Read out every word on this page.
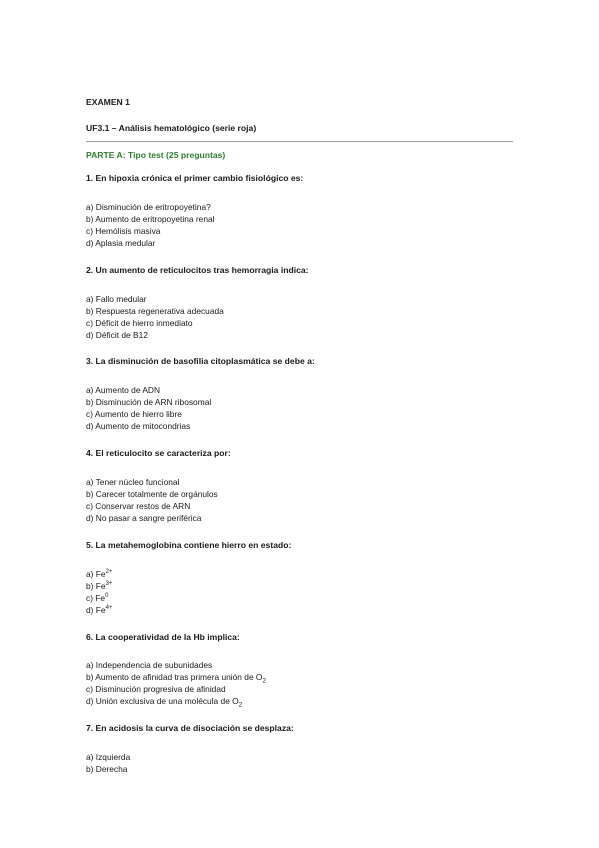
EXAMEN 1
UF3.1 – Análisis hematológico (serie roja)
PARTE A: Tipo test (25 preguntas)
1. En hipoxia crónica el primer cambio fisiológico es:
a) Disminución de eritropoyetina?
b) Aumento de eritropoyetina renal
c) Hemólisis masiva
d) Aplasia medular
2. Un aumento de reticulocitos tras hemorragia indica:
a) Fallo medular
b) Respuesta regenerativa adecuada
c) Déficit de hierro inmediato
d) Déficit de B12
3. La disminución de basofilia citoplasmática se debe a:
a) Aumento de ADN
b) Disminución de ARN ribosomal
c) Aumento de hierro libre
d) Aumento de mitocondrias
4. El reticulocito se caracteriza por:
a) Tener núcleo funcional
b) Carecer totalmente de orgánulos
c) Conservar restos de ARN
d) No pasar a sangre periférica
5. La metahemoglobina contiene hierro en estado:
a) $Fe^{2+}$
b) $Fe^{3+}$
c) Fe$^0$
d) $Fe^{4+}$
6. La cooperatividad de la Hb implica:
a) Independencia de subunidades
b) Aumento de afinidad tras primera unión de $O_2$
c) Disminución progresiva de afinidad
d) Unión exclusiva de una molécula de $O_2$
7. En acidosis la curva de disociación se desplaza:
a) Izquierda
b) Derecha
